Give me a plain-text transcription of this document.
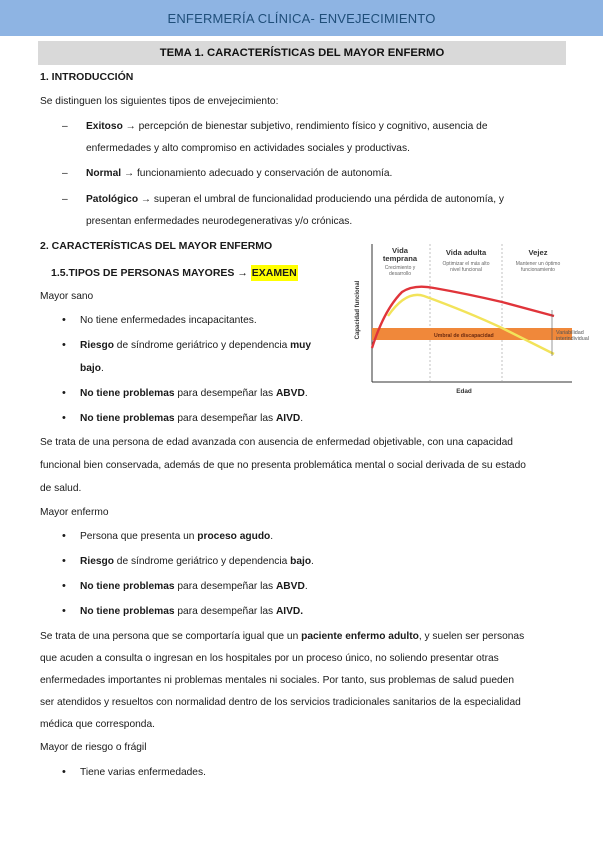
ENFERMERÍA CLÍNICA- ENVEJECIMIENTO
TEMA 1. CARACTERÍSTICAS DEL MAYOR ENFERMO
1. INTRODUCCIÓN
Se distinguen los siguientes tipos de envejecimiento:
– Exitoso → percepción de bienestar subjetivo, rendimiento físico y cognitivo, ausencia de
enfermedades y alto compromiso en actividades sociales y productivas.
– Normal → funcionamiento adecuado y conservación de autonomía.
– Patológico → superan el umbral de funcionalidad produciendo una pérdida de autonomía, y
presentan enfermedades neurodegenerativas y/o crónicas.
2. CARACTERÍSTICAS DEL MAYOR ENFERMO
1.5.TIPOS DE PERSONAS MAYORES → EXAMEN
Mayor sano
• No tiene enfermedades incapacitantes.
• Riesgo de síndrome geriátrico y dependencia muy
bajo.
• No tiene problemas para desempeñar las ABVD.
• No tiene problemas para desempeñar las AIVD.
Se trata de una persona de edad avanzada con ausencia de enfermedad objetivable, con una capacidad
funcional bien conservada, además de que no presenta problemática mental o social derivada de su estado
de salud.
Mayor enfermo
• Persona que presenta un proceso agudo.
• Riesgo de síndrome geriátrico y dependencia bajo.
• No tiene problemas para desempeñar las ABVD.
• No tiene problemas para desempeñar las AIVD.
Se trata de una persona que se comportaría igual que un paciente enfermo adulto, y suelen ser personas
que acuden a consulta o ingresan en los hospitales por un proceso único, no soliendo presentar otras
enfermedades importantes ni problemas mentales ni sociales. Por tanto, sus problemas de salud pueden
ser atendidos y resueltos con normalidad dentro de los servicios tradicionales sanitarios de la especialidad
médica que corresponda.
Mayor de riesgo o frágil
• Tiene varias enfermedades.
Umbral de discapacidad	Variabilidad
interindividual
Vida
temprana
Crecimiento y
desarrollo
Vida adulta
Optimizar el más alto
nivel funcional
Vejez
Mantener un óptimo
funcionamiento
Capacidad funcional
Edad
